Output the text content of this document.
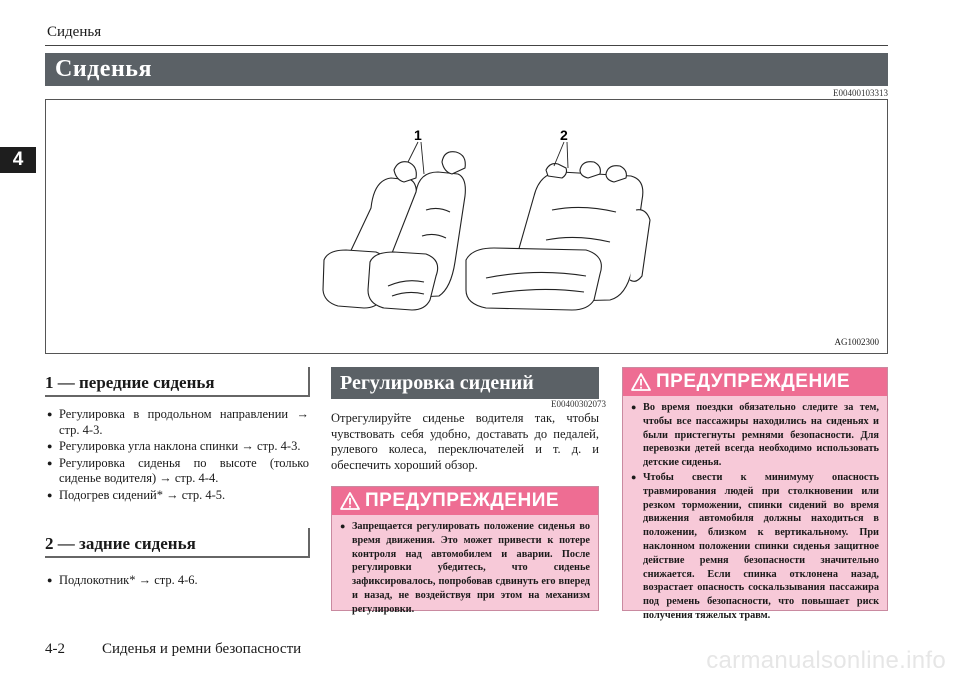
Сиденья
4
Сиденья
E00400103313
1	2
AG1002300
1 — передние сиденья
● Регулировка в продольном направлении → стр. 4-3.
● Регулировка угла наклона спинки → стр. 4-3.
● Регулировка сиденья по высоте (только сиденье водителя) → стр. 4-4.
● Подогрев сидений* → стр. 4-5.
2 — задние сиденья
● Подлокотник* → стр. 4-6.
Регулировка сидений
E00400302073
Отрегулируйте сиденье водителя так, чтобы чувствовать себя удобно, доставать до педалей, рулевого колеса, переключателей и т. д. и обеспечить хороший обзор.
ПРЕДУПРЕЖДЕНИЕ
● Запрещается регулировать положение сиденья во время движения. Это может привести к потере контроля над автомобилем и аварии. После регулировки убедитесь, что сиденье зафиксировалось, попробовав сдвинуть его вперед и назад, не воздействуя при этом на механизм регулировки.
ПРЕДУПРЕЖДЕНИЕ
● Во время поездки обязательно следите за тем, чтобы все пассажиры находились на сиденьях и были пристегнуты ремнями безопасности. Для перевозки детей всегда необходимо использовать детские сиденья.
● Чтобы свести к минимуму опасность травмирования людей при столкновении или резком торможении, спинки сидений во время движения автомобиля должны находиться в положении, близком к вертикальному. При наклонном положении спинки сиденья защитное действие ремня безопасности значительно снижается. Если спинка отклонена назад, возрастает опасность соскальзывания пассажира под ремень безопасности, что повышает риск получения тяжелых травм.
4-2 Сиденья и ремни безопасности	carmanualsonline.info
